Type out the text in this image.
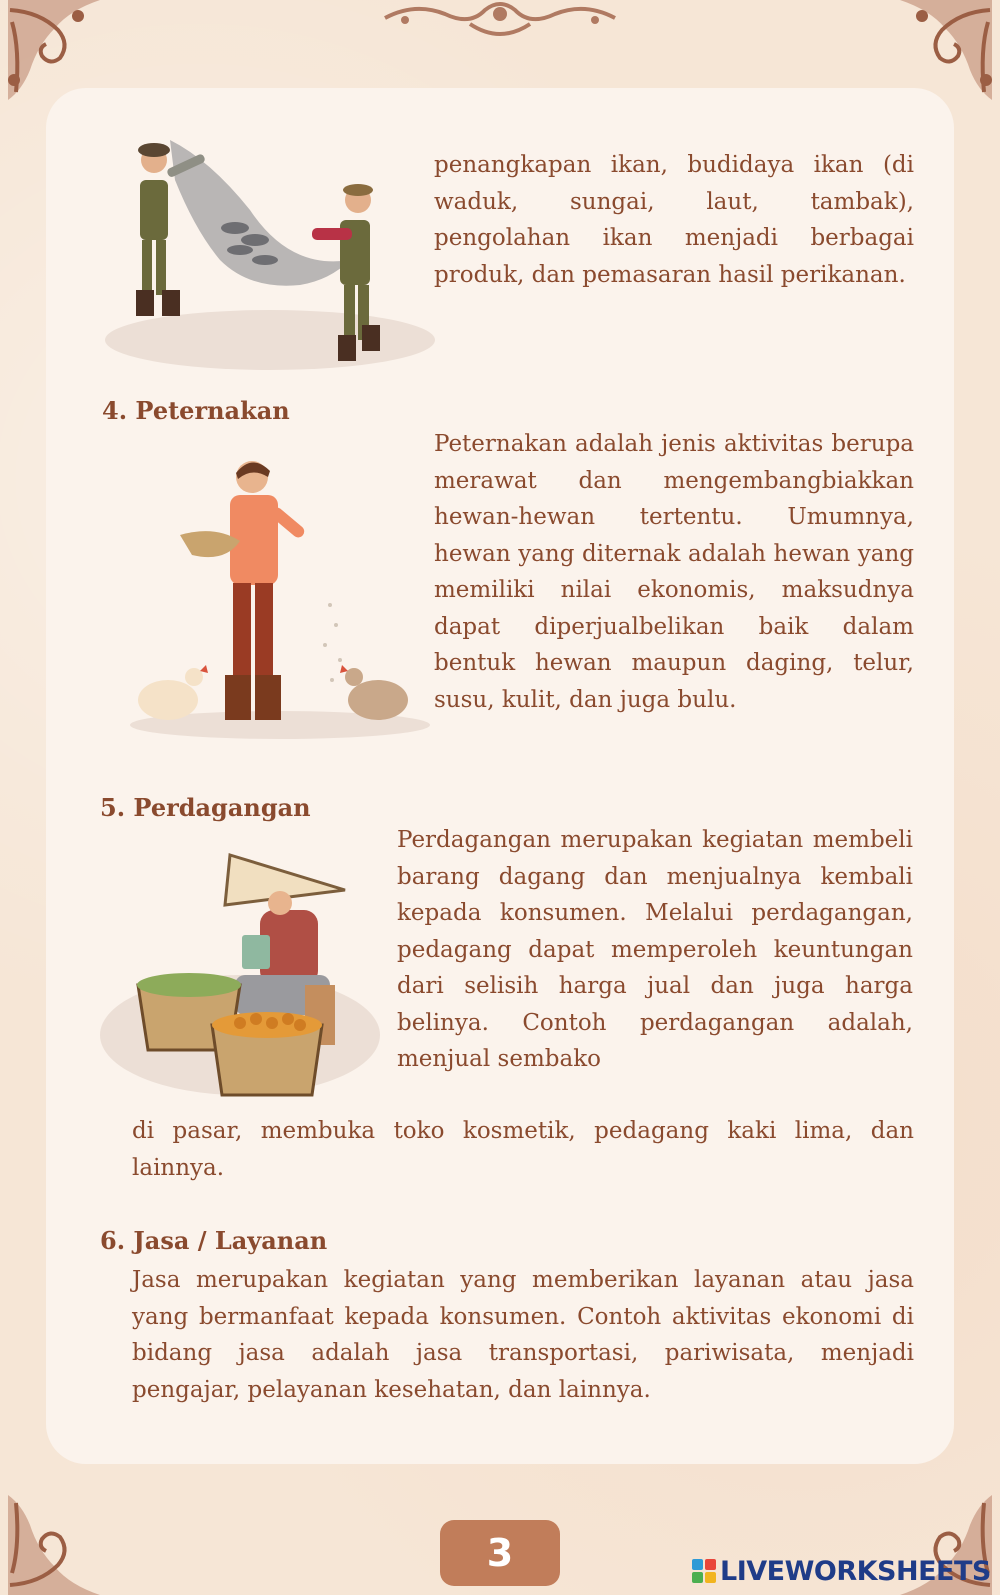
penangkapan ikan, budidaya ikan (di waduk, sungai, laut, tambak), pengolahan ikan menjadi berbagai produk, dan pemasaran hasil perikanan.

4. Peternakan

Peternakan adalah jenis aktivitas berupa merawat dan mengembangbiakkan hewan-hewan tertentu. Umumnya, hewan yang diternak adalah hewan yang memiliki nilai ekonomis, maksudnya dapat diperjualbelikan baik dalam bentuk hewan maupun daging, telur, susu, kulit, dan juga bulu.

5. Perdagangan

Perdagangan merupakan kegiatan membeli barang dagang dan menjualnya kembali kepada konsumen. Melalui perdagangan, pedagang dapat memperoleh keuntungan dari selisih harga jual dan juga harga belinya. Contoh perdagangan adalah, menjual sembako

di pasar, membuka toko kosmetik, pedagang kaki lima, dan lainnya.

6. Jasa / Layanan

Jasa merupakan kegiatan yang memberikan layanan atau jasa yang bermanfaat kepada konsumen. Contoh aktivitas ekonomi di bidang jasa adalah jasa transportasi, pariwisata, menjadi pengajar, pelayanan kesehatan, dan lainnya.

3	LIVEWORKSHEETS
